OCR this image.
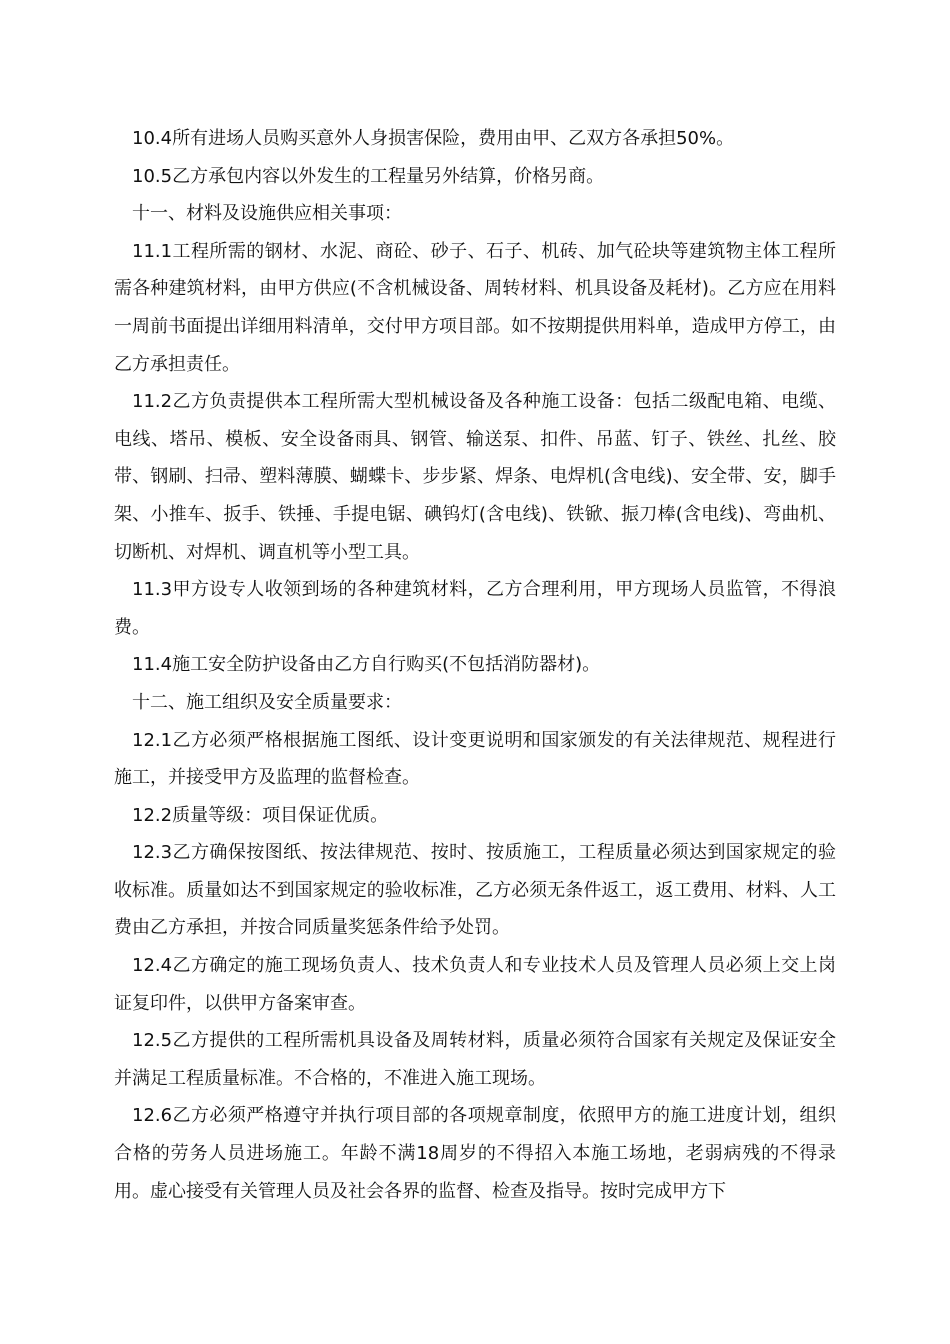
10.4所有进场人员购买意外人身损害保险，费用由甲、乙双方各承担50%。

10.5乙方承包内容以外发生的工程量另外结算，价格另商。

十一、材料及设施供应相关事项：

11.1工程所需的钢材、水泥、商砼、砂子、石子、机砖、加气砼块等建筑物主体工程所需各种建筑材料，由甲方供应(不含机械设备、周转材料、机具设备及耗材)。乙方应在用料一周前书面提出详细用料清单，交付甲方项目部。如不按期提供用料单，造成甲方停工，由乙方承担责任。

11.2乙方负责提供本工程所需大型机械设备及各种施工设备：包括二级配电箱、电缆、电线、塔吊、模板、安全设备雨具、钢管、输送泵、扣件、吊蓝、钉子、铁丝、扎丝、胶带、钢刷、扫帚、塑料薄膜、蝴蝶卡、步步紧、焊条、电焊机(含电线)、安全带、安，脚手架、小推车、扳手、铁捶、手提电锯、碘钨灯(含电线)、铁锨、振刀棒(含电线)、弯曲机、切断机、对焊机、调直机等小型工具。

11.3甲方设专人收领到场的各种建筑材料，乙方合理利用，甲方现场人员监管，不得浪费。

11.4施工安全防护设备由乙方自行购买(不包括消防器材)。

十二、施工组织及安全质量要求：

12.1乙方必须严格根据施工图纸、设计变更说明和国家颁发的有关法律规范、规程进行施工，并接受甲方及监理的监督检查。

12.2质量等级：项目保证优质。

12.3乙方确保按图纸、按法律规范、按时、按质施工，工程质量必须达到国家规定的验收标准。质量如达不到国家规定的验收标准，乙方必须无条件返工，返工费用、材料、人工费由乙方承担，并按合同质量奖惩条件给予处罚。

12.4乙方确定的施工现场负责人、技术负责人和专业技术人员及管理人员必须上交上岗证复印件，以供甲方备案审查。

12.5乙方提供的工程所需机具设备及周转材料，质量必须符合国家有关规定及保证安全并满足工程质量标准。不合格的，不准进入施工现场。

12.6乙方必须严格遵守并执行项目部的各项规章制度，依照甲方的施工进度计划，组织合格的劳务人员进场施工。年龄不满18周岁的不得招入本施工场地，老弱病残的不得录用。虚心接受有关管理人员及社会各界的监督、检查及指导。按时完成甲方下
